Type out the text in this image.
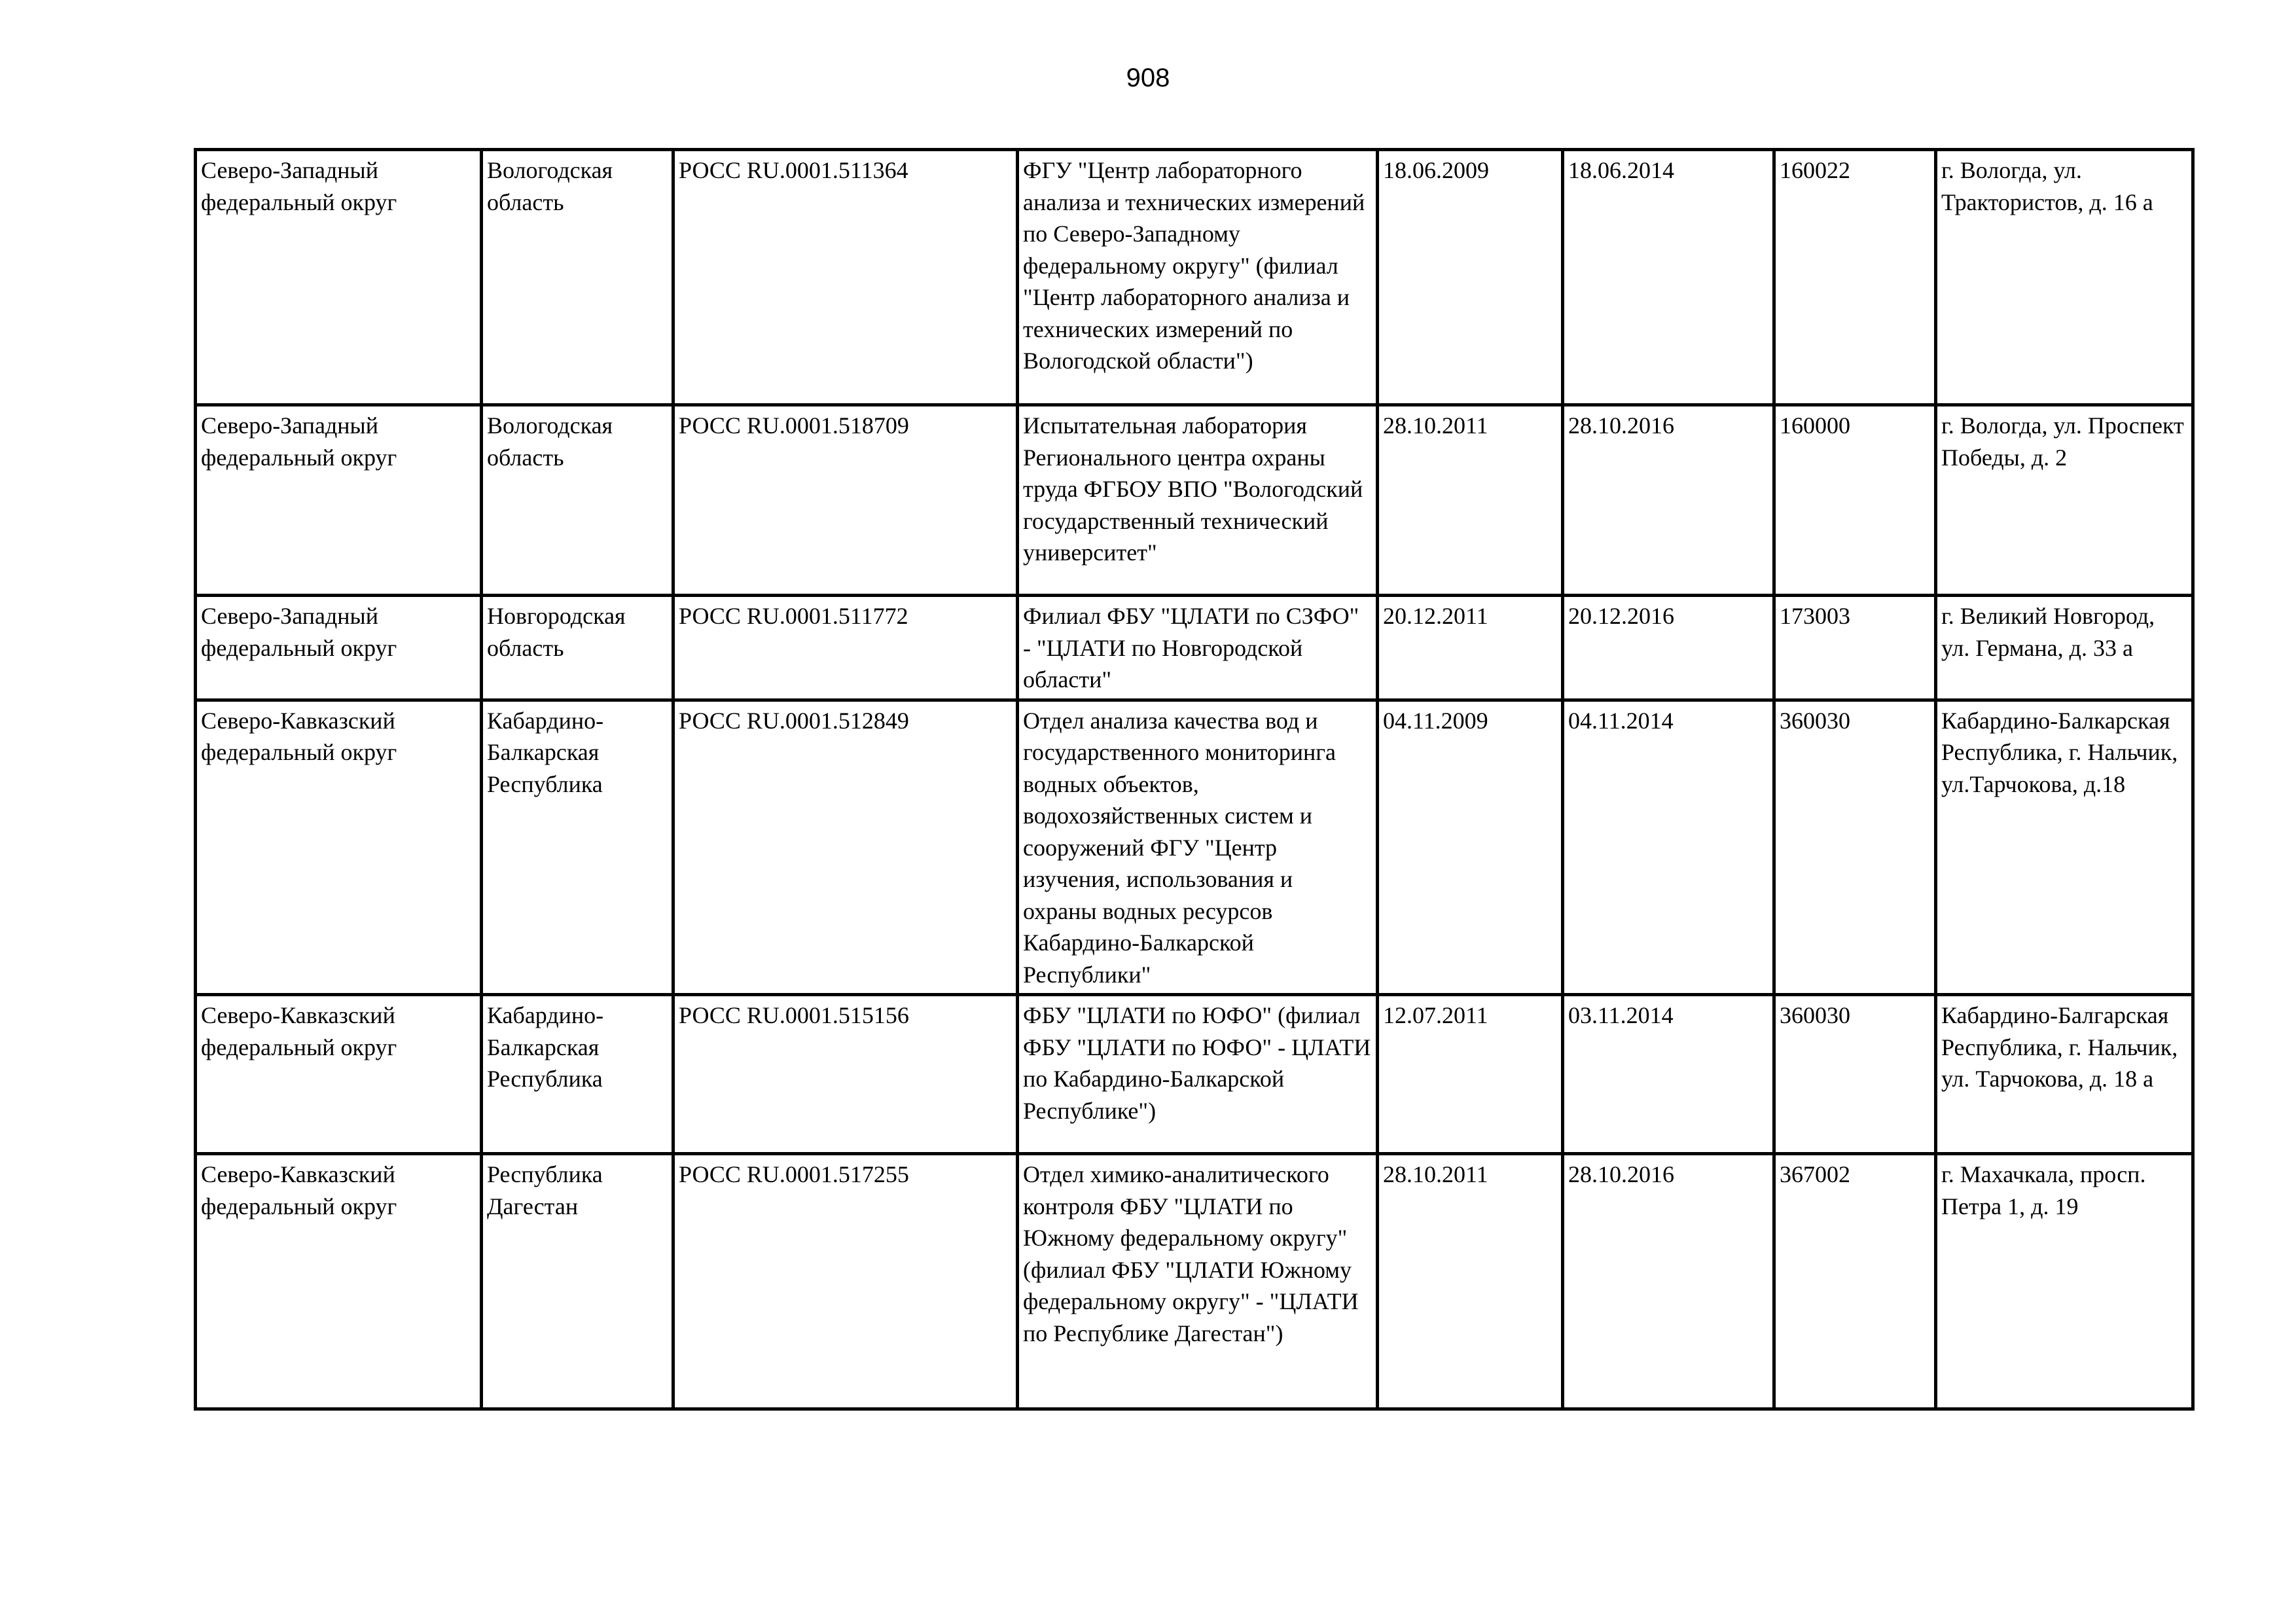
908
Северо-Западный федеральный округ	Вологодская область	РОСС RU.0001.511364	ФГУ "Центр лабораторного анализа и технических измерений по Северо-Западному федеральному округу" (филиал "Центр лабораторного анализа и технических измерений по Вологодской области")	18.06.2009	18.06.2014	160022	г. Вологда, ул. Трактористов, д. 16 а
Северо-Западный федеральный округ	Вологодская область	РОСС RU.0001.518709	Испытательная лаборатория Регионального центра охраны труда ФГБОУ ВПО "Вологодский государственный технический университет"	28.10.2011	28.10.2016	160000	г. Вологда, ул. Проспект Победы, д. 2
Северо-Западный федеральный округ	Новгородская область	РОСС RU.0001.511772	Филиал ФБУ "ЦЛАТИ по СЗФО" - "ЦЛАТИ по Новгородской области"	20.12.2011	20.12.2016	173003	г. Великий Новгород, ул. Германа, д. 33 а
Северо-Кавказский федеральный округ	Кабардино-Балкарская Республика	РОСС RU.0001.512849	Отдел анализа качества вод и государственного мониторинга водных объектов, водохозяйственных систем и сооружений ФГУ "Центр изучения, использования и охраны водных ресурсов Кабардино-Балкарской Республики"	04.11.2009	04.11.2014	360030	Кабардино-Балкарская Республика, г. Нальчик, ул.Тарчокова, д.18
Северо-Кавказский федеральный округ	Кабардино-Балкарская Республика	РОСС RU.0001.515156	ФБУ "ЦЛАТИ по ЮФО" (филиал ФБУ "ЦЛАТИ по ЮФО" - ЦЛАТИ по Кабардино-Балкарской Республике")	12.07.2011	03.11.2014	360030	Кабардино-Балгарская Республика, г. Нальчик, ул. Тарчокова, д. 18 а
Северо-Кавказский федеральный округ	Республика Дагестан	РОСС RU.0001.517255	Отдел химико-аналитического контроля ФБУ "ЦЛАТИ по Южному федеральному округу" (филиал ФБУ "ЦЛАТИ Южному федеральному округу" - "ЦЛАТИ по Республике Дагестан")	28.10.2011	28.10.2016	367002	г. Махачкала, просп. Петра 1, д. 19
